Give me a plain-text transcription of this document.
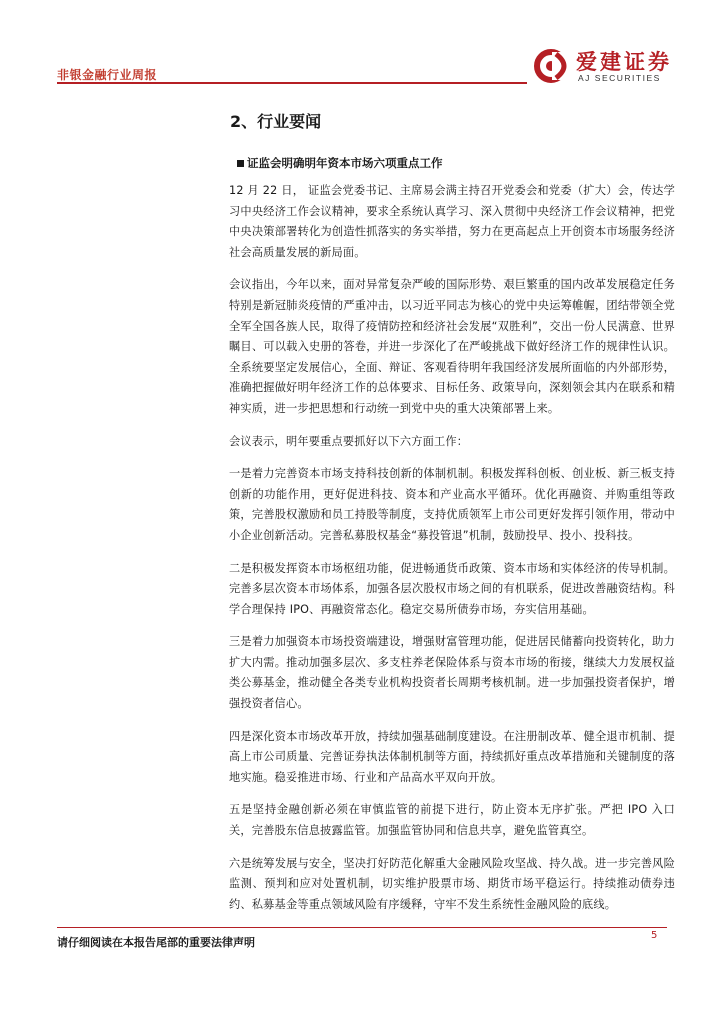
非银金融行业周报
爱建证券
AJ SECURITIES
2、行业要闻
证监会明确明年资本市场六项重点工作

12 月 22 日， 证监会党委书记、主席易会满主持召开党委会和党委（扩大）会，传达学习中央经济工作会议精神，要求全系统认真学习、深入贯彻中央经济工作会议精神，把党中央决策部署转化为创造性抓落实的务实举措，努力在更高起点上开创资本市场服务经济社会高质量发展的新局面。

会议指出，今年以来，面对异常复杂严峻的国际形势、艰巨繁重的国内改革发展稳定任务特别是新冠肺炎疫情的严重冲击，以习近平同志为核心的党中央运筹帷幄，团结带领全党全军全国各族人民，取得了疫情防控和经济社会发展“双胜利”，交出一份人民满意、世界瞩目、可以载入史册的答卷，并进一步深化了在严峻挑战下做好经济工作的规律性认识。全系统要坚定发展信心，全面、辩证、客观看待明年我国经济发展所面临的内外部形势，准确把握做好明年经济工作的总体要求、目标任务、政策导向，深刻领会其内在联系和精神实质，进一步把思想和行动统一到党中央的重大决策部署上来。

会议表示，明年要重点要抓好以下六方面工作：

一是着力完善资本市场支持科技创新的体制机制。积极发挥科创板、创业板、新三板支持创新的功能作用，更好促进科技、资本和产业高水平循环。优化再融资、并购重组等政策，完善股权激励和员工持股等制度，支持优质领军上市公司更好发挥引领作用，带动中小企业创新活动。完善私募股权基金“募投管退”机制，鼓励投早、投小、投科技。

二是积极发挥资本市场枢纽功能，促进畅通货币政策、资本市场和实体经济的传导机制。完善多层次资本市场体系，加强各层次股权市场之间的有机联系，促进改善融资结构。科学合理保持 IPO、再融资常态化。稳定交易所债券市场，夯实信用基础。

三是着力加强资本市场投资端建设，增强财富管理功能，促进居民储蓄向投资转化，助力扩大内需。推动加强多层次、多支柱养老保险体系与资本市场的衔接，继续大力发展权益类公募基金，推动健全各类专业机构投资者长周期考核机制。进一步加强投资者保护，增强投资者信心。

四是深化资本市场改革开放，持续加强基础制度建设。在注册制改革、健全退市机制、提高上市公司质量、完善证券执法体制机制等方面，持续抓好重点改革措施和关键制度的落地实施。稳妥推进市场、行业和产品高水平双向开放。

五是坚持金融创新必须在审慎监管的前提下进行，防止资本无序扩张。严把 IPO 入口关，完善股东信息披露监管。加强监管协同和信息共享，避免监管真空。

六是统筹发展与安全，坚决打好防范化解重大金融风险攻坚战、持久战。进一步完善风险监测、预判和应对处置机制，切实维护股票市场、期货市场平稳运行。持续推动债券违约、私募基金等重点领域风险有序缓释，守牢不发生系统性金融风险的底线。

请仔细阅读在本报告尾部的重要法律声明
5
